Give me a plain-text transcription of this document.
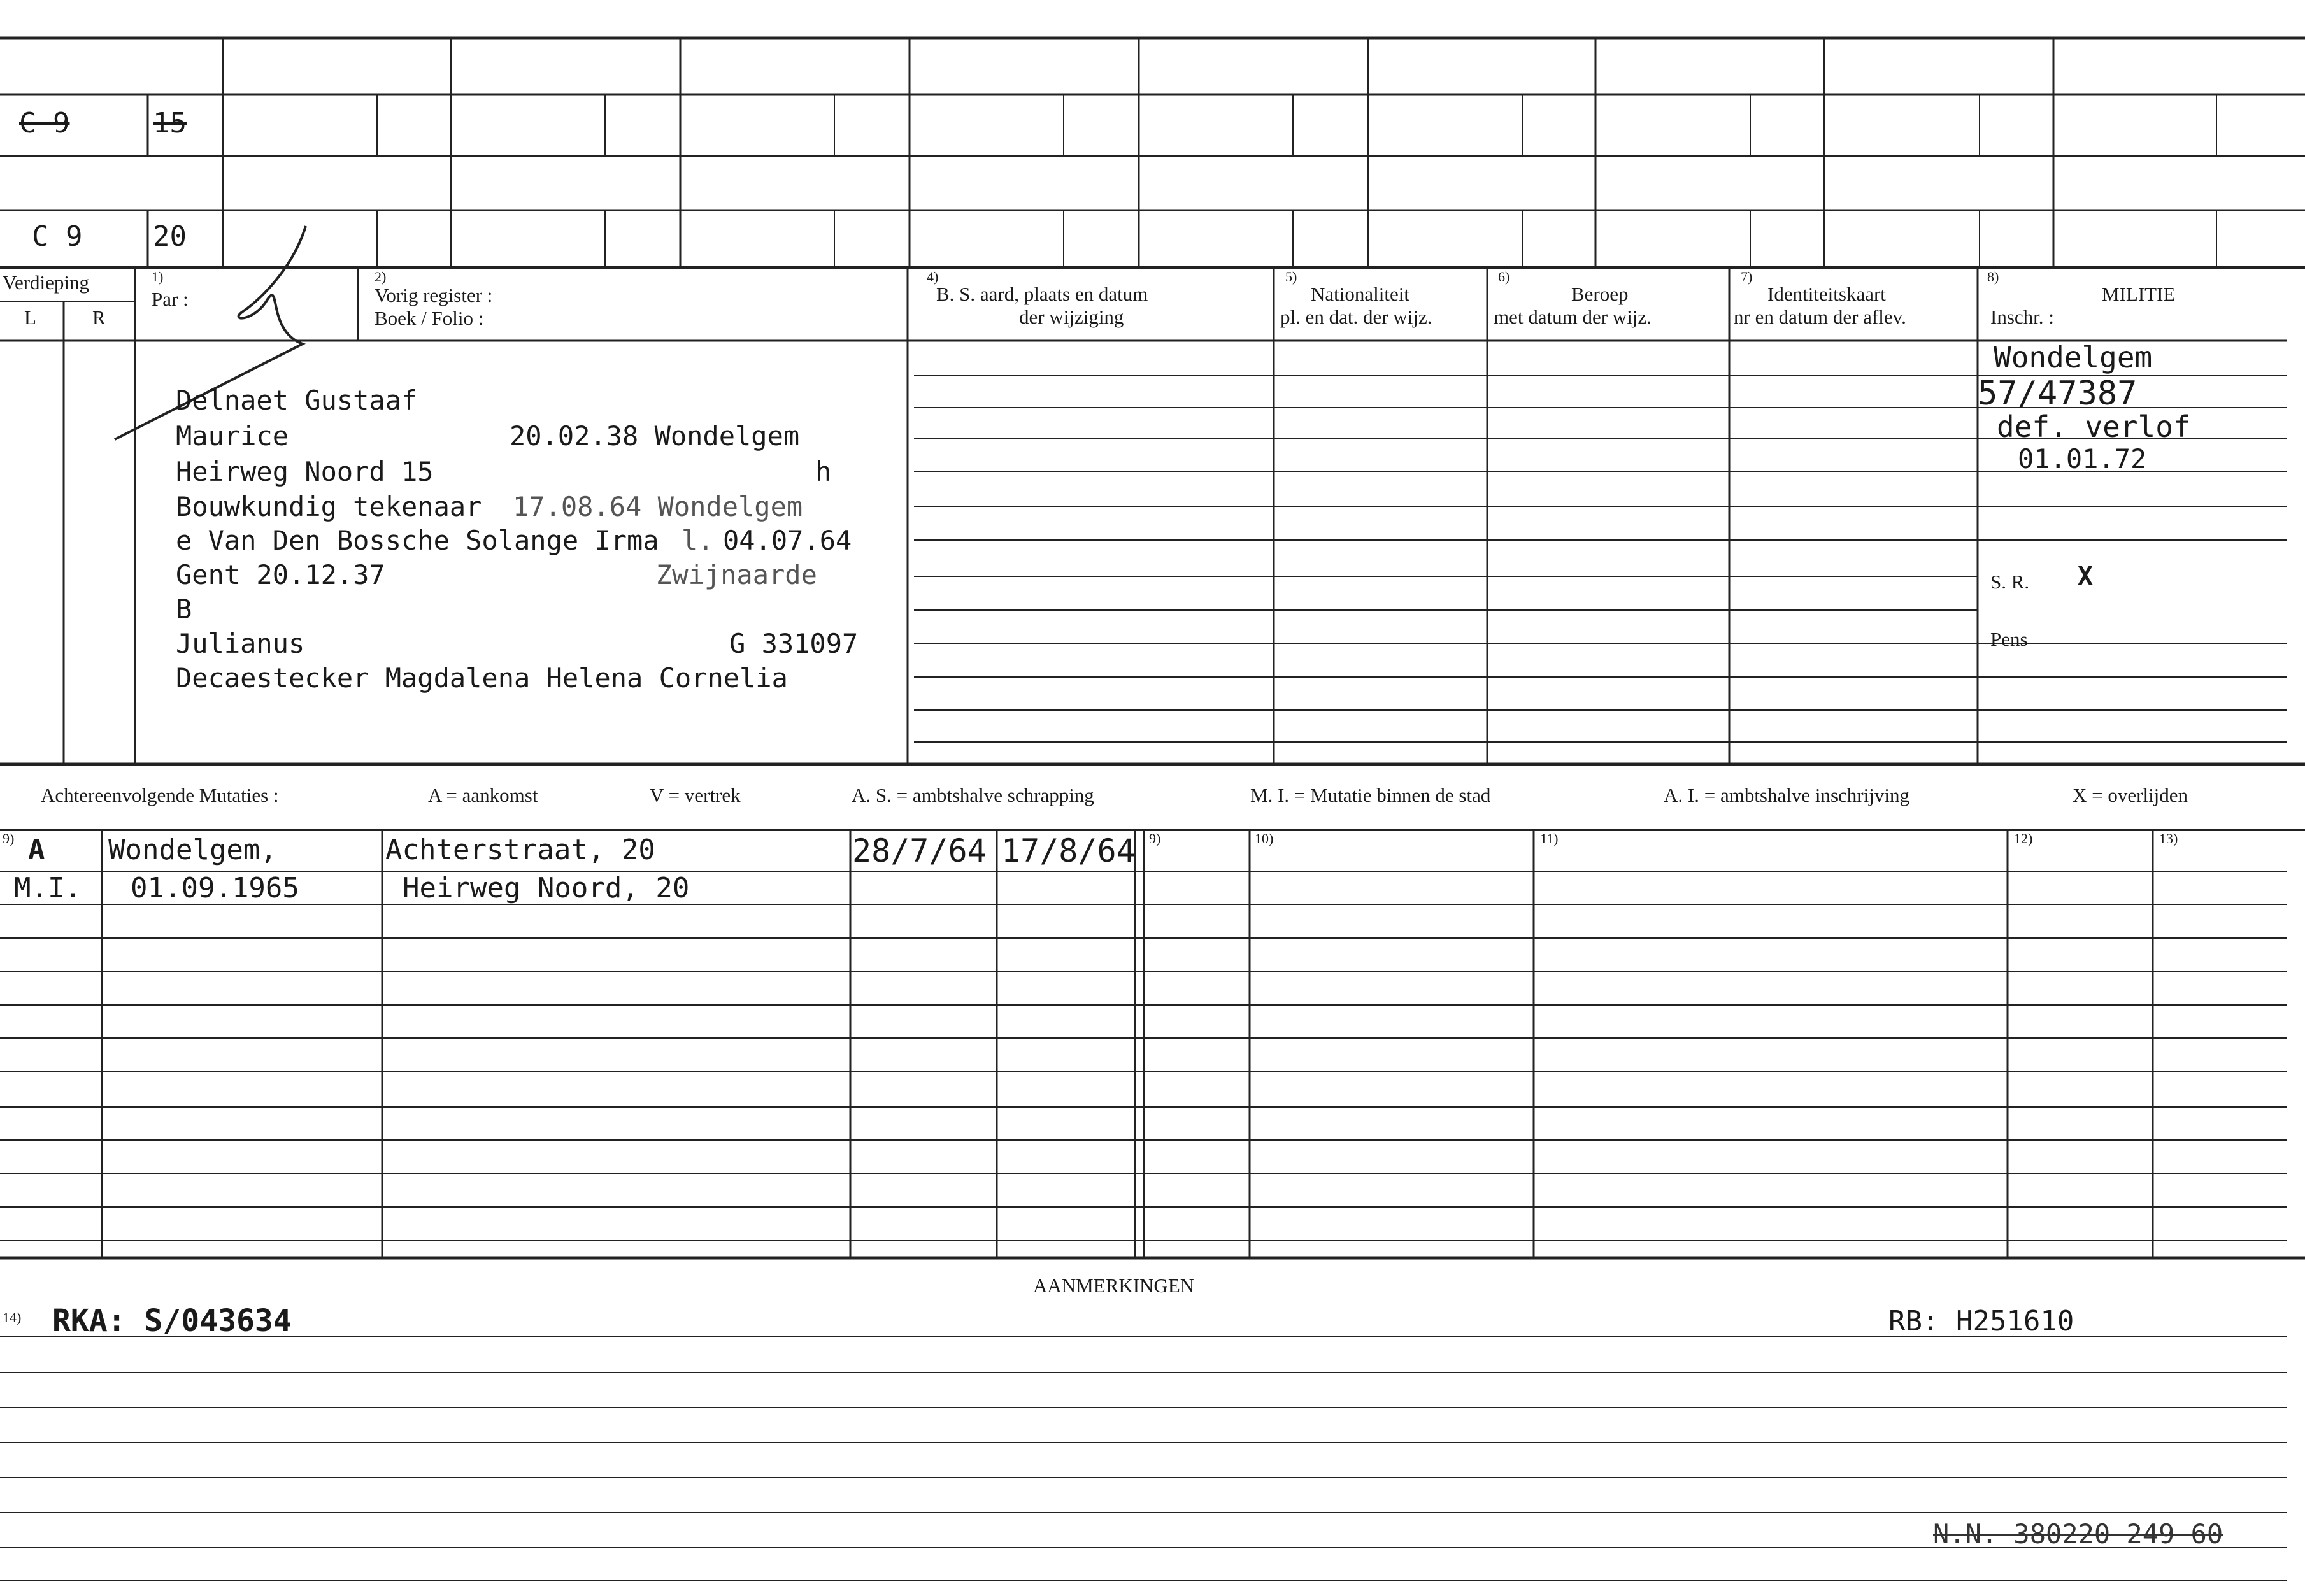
C 9	15
C 9	20
Verdieping
L	R
1)
Par :
2)
Vorig register :
Boek / Folio :
4)
B. S. aard, plaats en datum
der wijziging
5)
Nationaliteit
pl. en dat. der wijz.
6)
Beroep
met datum der wijz.
7)
Identiteitskaart
nr en datum der aflev.
8)
MILITIE
Inschr. :
S. R.
Pens
Delnaet Gustaaf
Maurice	20.02.38 Wondelgem
Heirweg Noord 15	h
Bouwkundig tekenaar 17.08.64 Wondelgem
e Van Den Bossche Solange Irma l. 04.07.64
Gent 20.12.37	Zwijnaarde
B
Julianus	G 331097
Decaestecker Magdalena Helena Cornelia
Wondelgem
57/47387
def. verlof
01.01.72
X
Achtereenvolgende Mutaties :	A = aankomst	V = vertrek	A. S. = ambtshalve schrapping	M. I. = Mutatie binnen de stad	A. I. = ambtshalve inschrijving	X = overlijden
9)	9)	10)	11)	12)	13)
A Wondelgem,	Achterstraat, 20	28/7/64 17/8/64
M.I. 01.09.1965	Heirweg Noord, 20
AANMERKINGEN
14) RKA: S/043634	RB: H251610
N.N. 380220 249 60
